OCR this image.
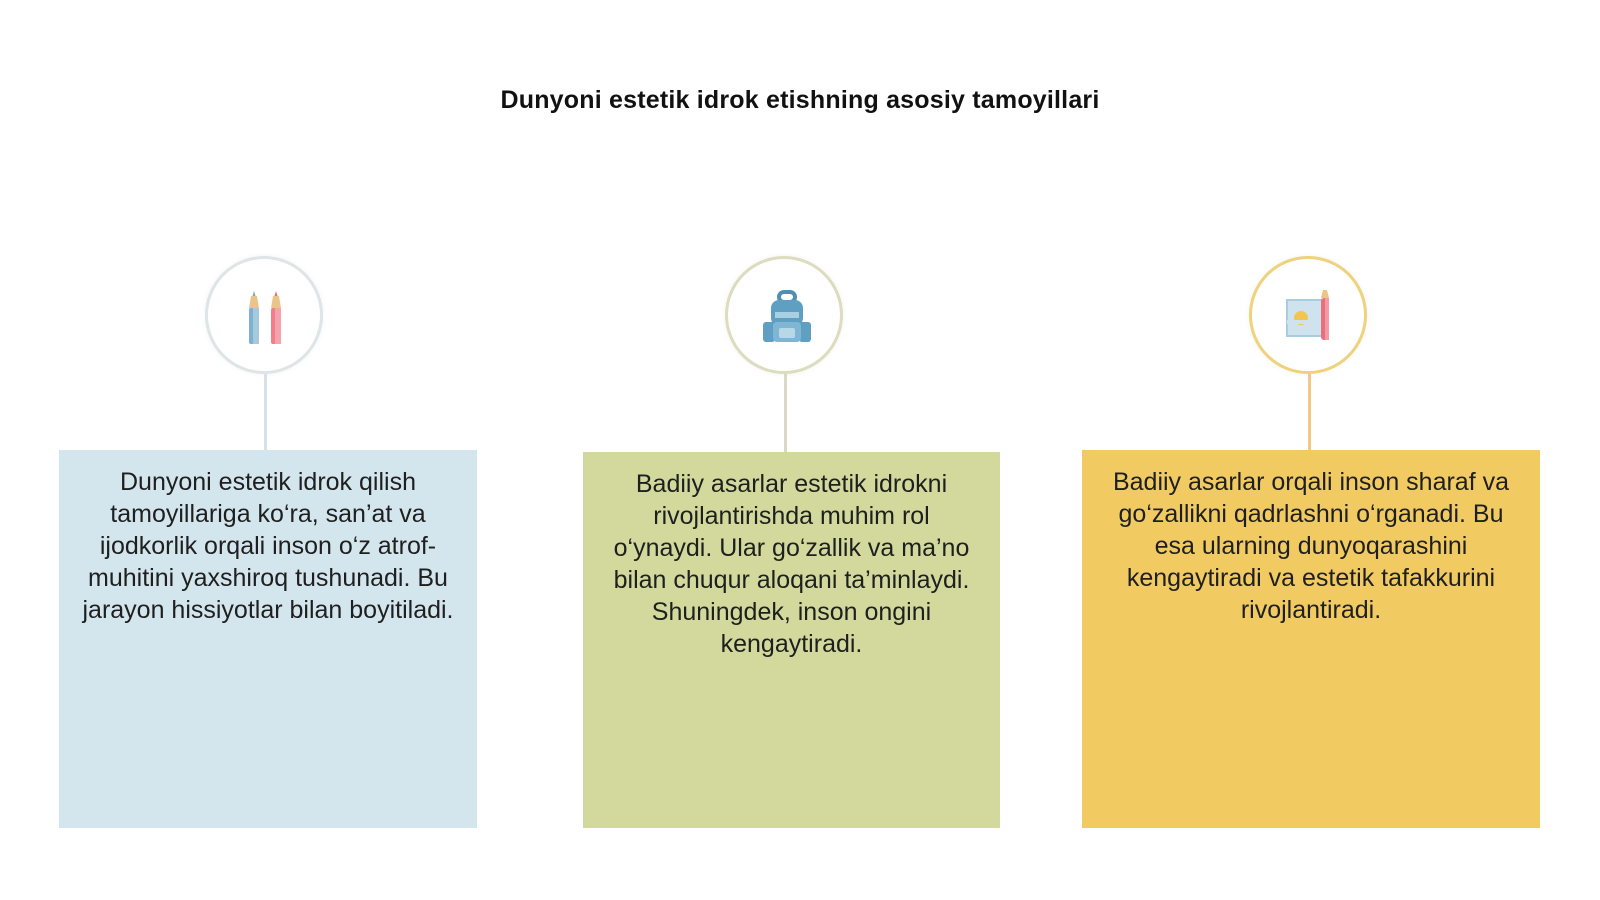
Dunyoni estetik idrok etishning asosiy tamoyillari
Dunyoni estetik idrok qilish tamoyillariga ko‘ra, san’at va ijodkorlik orqali inson o‘z atrof-muhitini yaxshiroq tushunadi. Bu jarayon hissiyotlar bilan boyitiladi.
Badiiy asarlar estetik idrokni rivojlantirishda muhim rol o‘ynaydi. Ular go‘zallik va ma’no bilan chuqur aloqani ta’minlaydi. Shuningdek, inson ongini kengaytiradi.
Badiiy asarlar orqali inson sharaf va go‘zallikni qadrlashni o‘rganadi. Bu esa ularning dunyoqarashini kengaytiradi va estetik tafakkurini rivojlantiradi.
